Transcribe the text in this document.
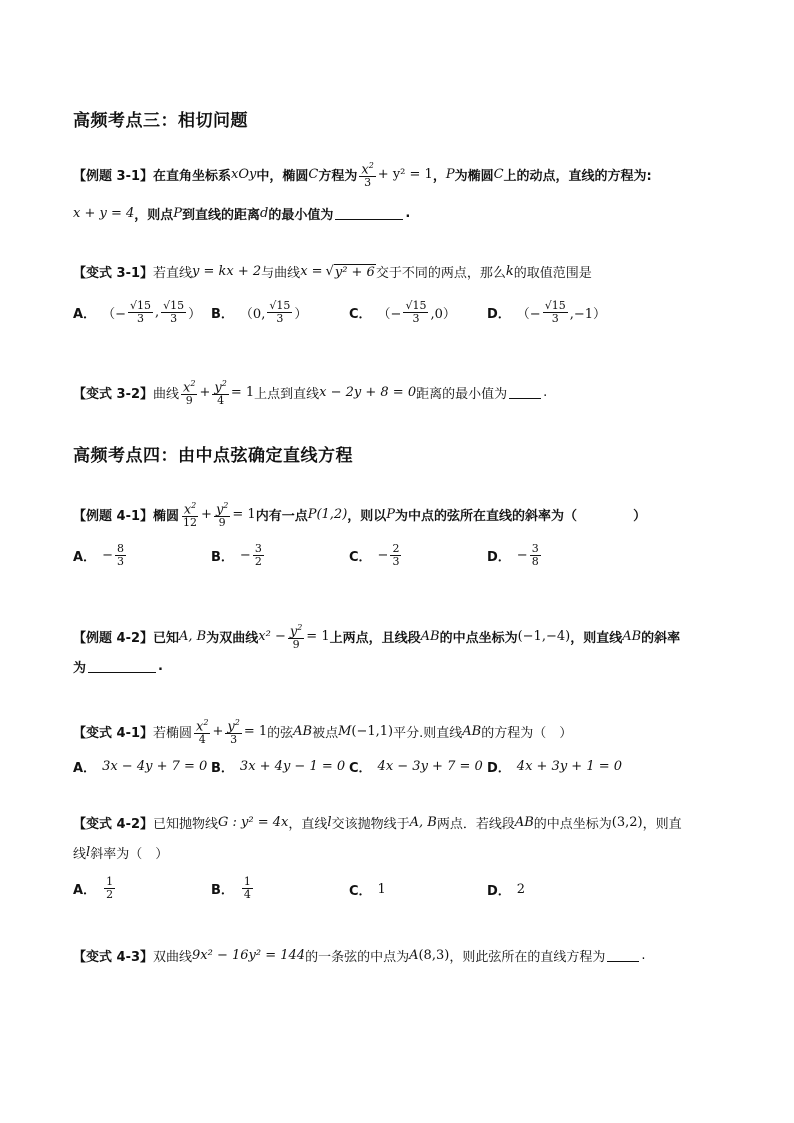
高频考点三：相切问题
【例题 3-1】 在直角坐标系 xOy 中，椭圆 C 方程为 $\frac{x^2}{3} + y^2 = 1$ ， P 为椭圆 C 上的动点，直线的方程为:
x + y = 4 ，则点 P 到直线的距离 d 的最小值为	.
【变式 3-1】 若直线 y = kx + 2 与曲线 x = √ y² + 6 交于不同的两点，那么 k 的取值范围是
A． （− $\frac{√15}{3}$ , $\frac{√15}{3}$ ） B． （0, $\frac{√15}{3}$ ）	C． （− $\frac{√15}{3} ,0$） D． （− $\frac{√15}{3} ,-1$）
【变式 3-2】 曲线 $\frac{x^2}{9} + \frac{y^2}{4} = 1$ 上点到直线 x − 2y + 8 = 0 距离的最小值为	.
高频考点四：由中点弦确定直线方程
【例题 4-1】 椭圆 $\frac{x^2}{12} + \frac{y^2}{9} = 1$ 内有一点 P(1,2) ，则以 P 为中点的弦所在直线的斜率为（	）
A． − $\frac{8}{3}$	B． − $\frac{3}{2}$	C． − $\frac{2}{3}$	D． − $\frac{3}{8}$
【例题 4-2】 已知 A, B 为双曲线 $x^2 - \frac{y^2}{9} = 1$ 上两点，且线段 AB 的中点坐标为 (−1,−4) ，则直线 AB 的斜率
为	.
【变式 4-1】 若椭圆 $\frac{x^2}{4} + \frac{y^2}{3} = 1$ 的弦 AB 被点 M (−1,1) 平分.则直线 AB 的方程为（　）
A． 3x − 4y + 7 = 0 B． 3x + 4y − 1 = 0 C． 4x − 3y + 7 = 0 D． 4x + 3y + 1 = 0
【变式 4-2】 已知抛物线 G : y² = 4x ，直线 l 交该抛物线于 A, B 两点．若线段 AB 的中点坐标为 (3,2) ，则直
线 l 斜率为（　）
A． $\frac{1}{2}$	B． $\frac{1}{4}$	C． 1	D． 2
【变式 4-3】 双曲线 9x² − 16y² = 144 的一条弦的中点为 A (8,3) ，则此弦所在的直线方程为	.
